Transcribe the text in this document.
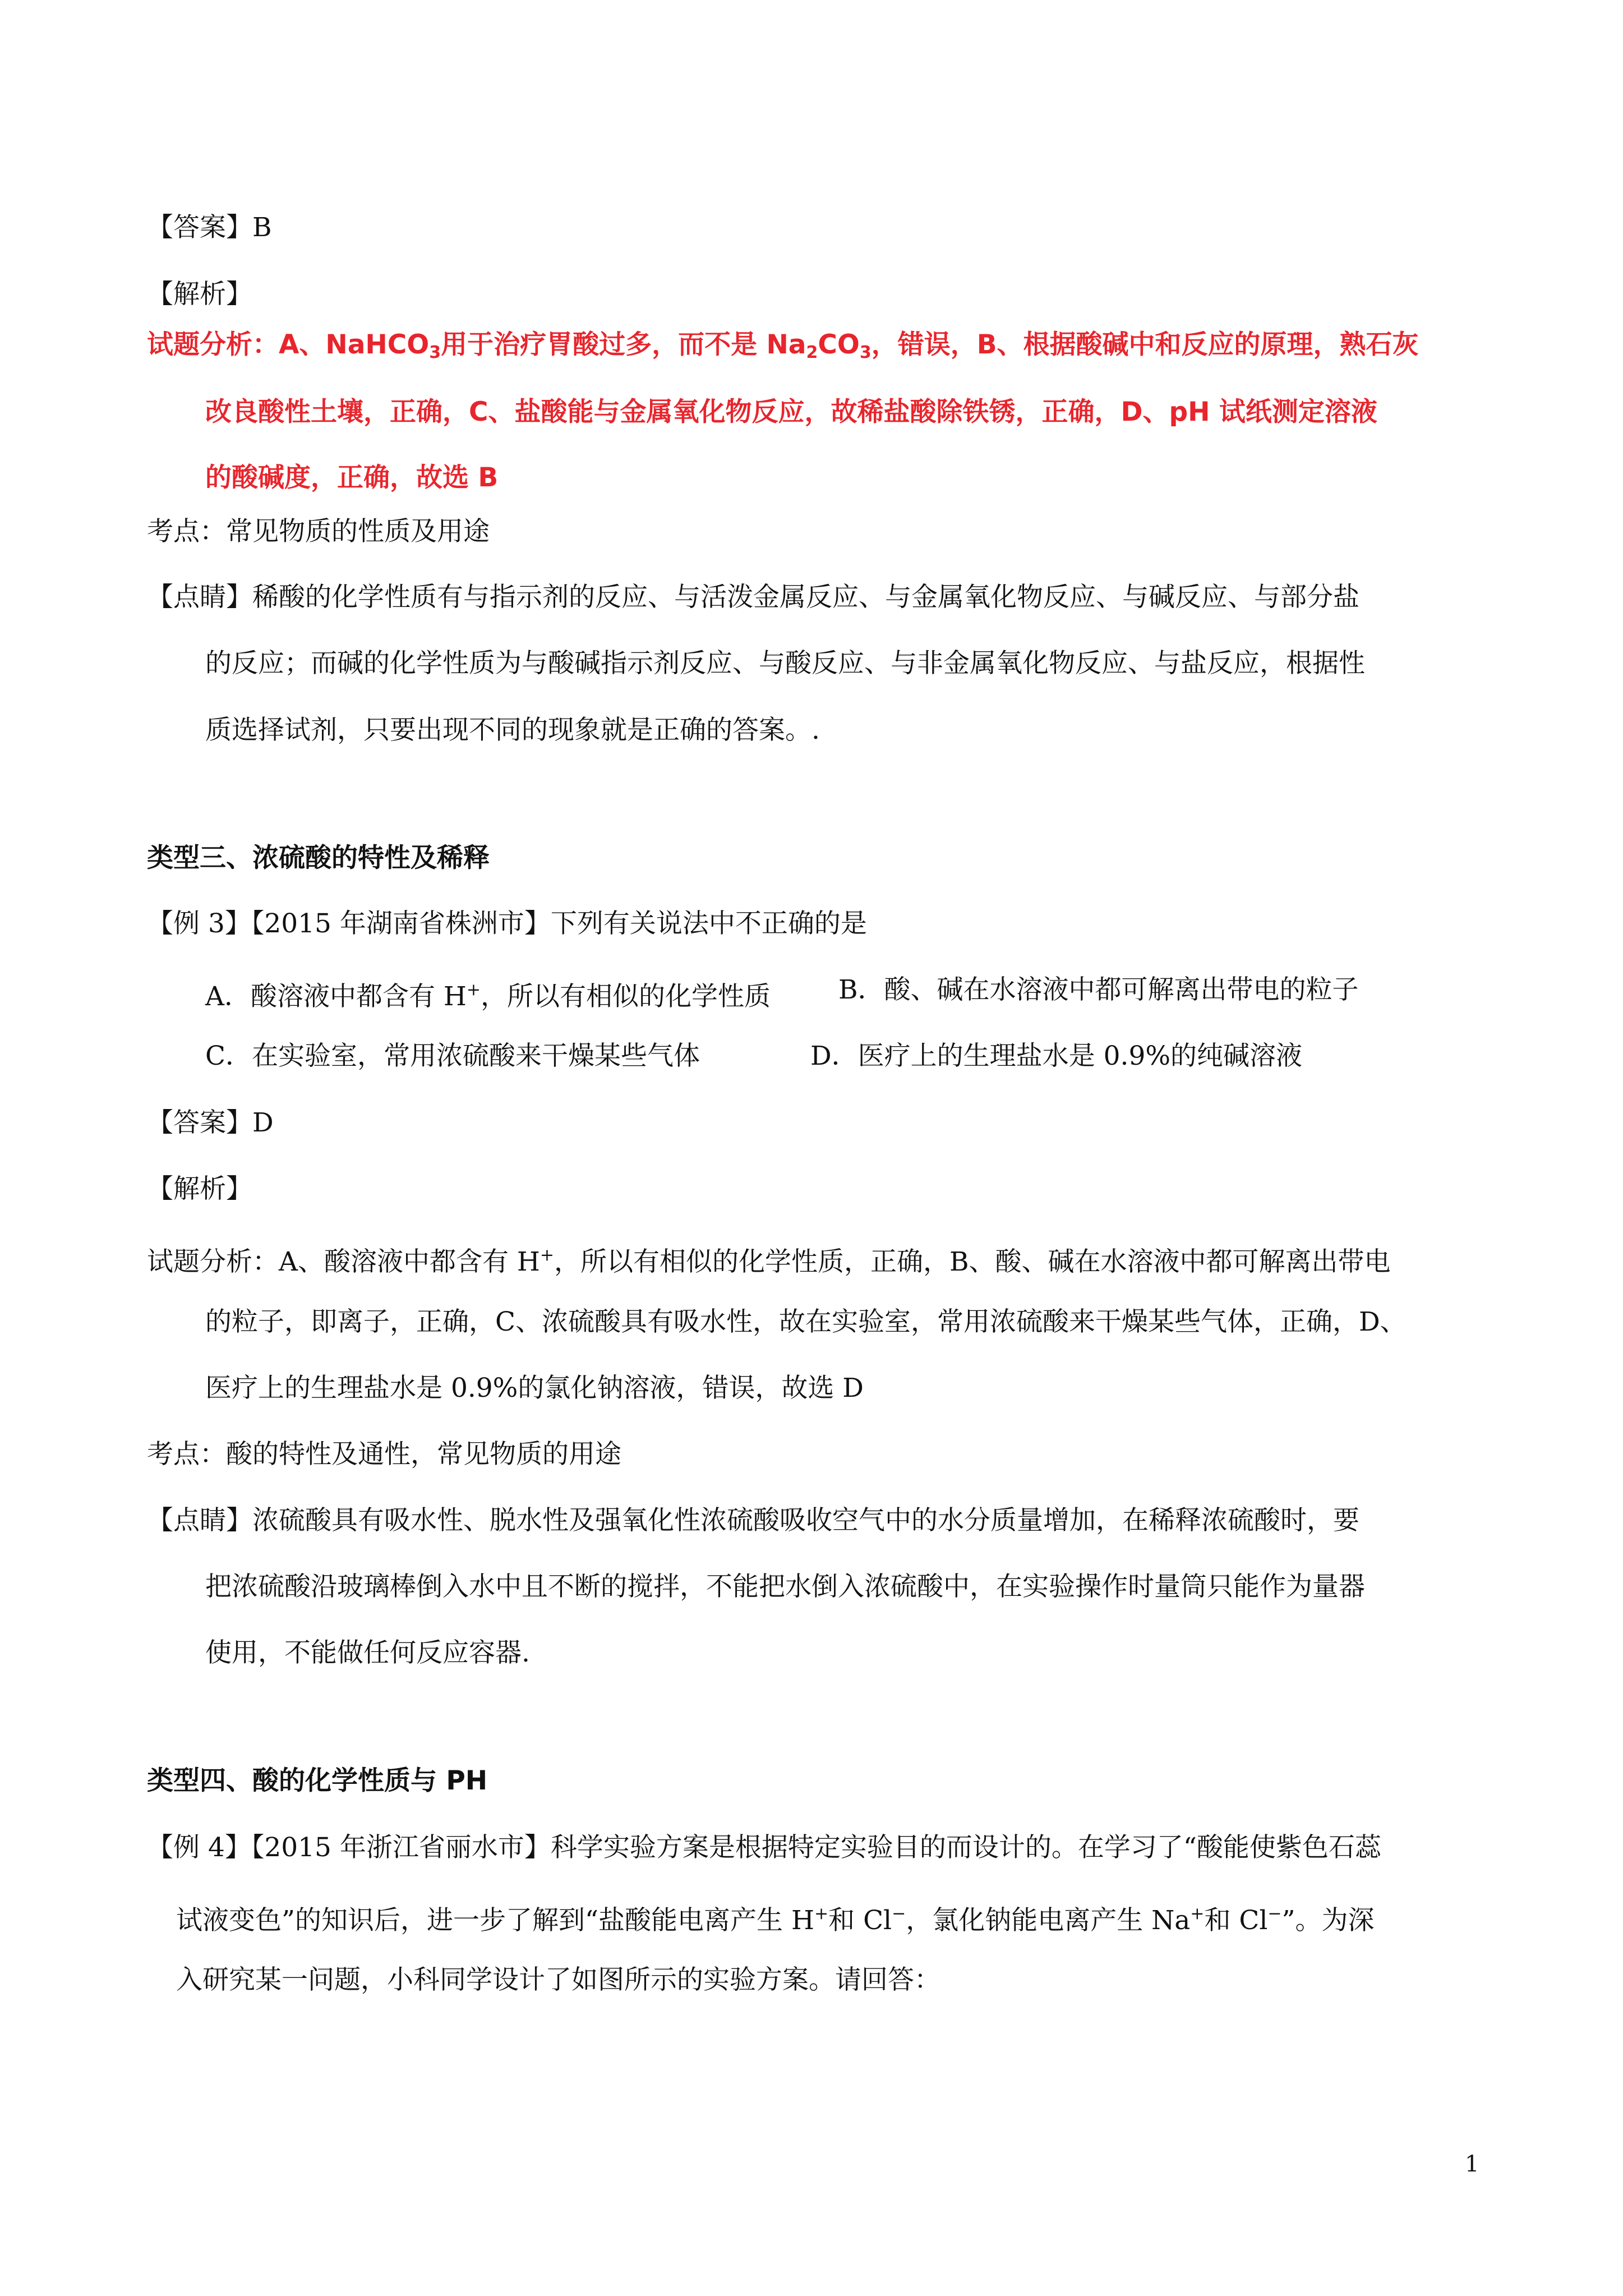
【答案】B
【解析】
试题分析：A、NaHCO$_3$用于治疗胃酸过多，而不是 $Na_2CO_3$，错误，B、根据酸碱中和反应的原理，熟石灰
改良酸性土壤，正确，C、盐酸能与金属氧化物反应，故稀盐酸除铁锈，正确，D、pH 试纸测定溶液
的酸碱度，正确，故选 B
考点：常见物质的性质及用途
【点睛】稀酸的化学性质有与指示剂的反应、与活泼金属反应、与金属氧化物反应、与碱反应、与部分盐
的反应；而碱的化学性质为与酸碱指示剂反应、与酸反应、与非金属氧化物反应、与盐反应，根据性
质选择试剂，只要出现不同的现象就是正确的答案。.
类型三、浓硫酸的特性及稀释
【例 3】【2015 年湖南省株洲市】下列有关说法中不正确的是
A．酸溶液中都含有 H+，所以有相似的化学性质	B．酸、碱在水溶液中都可解离出带电的粒子
C．在实验室，常用浓硫酸来干燥某些气体	D．医疗上的生理盐水是 0.9%的纯碱溶液
【答案】D
【解析】
试题分析：A、酸溶液中都含有 H+，所以有相似的化学性质，正确，B、酸、碱在水溶液中都可解离出带电
的粒子，即离子，正确，C、浓硫酸具有吸水性，故在实验室，常用浓硫酸来干燥某些气体，正确，D、
医疗上的生理盐水是 0.9%的氯化钠溶液，错误，故选 D
考点：酸的特性及通性，常见物质的用途
【点睛】浓硫酸具有吸水性、脱水性及强氧化性浓硫酸吸收空气中的水分质量增加，在稀释浓硫酸时，要
把浓硫酸沿玻璃棒倒入水中且不断的搅拌，不能把水倒入浓硫酸中，在实验操作时量筒只能作为量器
使用，不能做任何反应容器.
类型四、酸的化学性质与 PH
【例 4】【2015 年浙江省丽水市】科学实验方案是根据特定实验目的而设计的。在学习了“酸能使紫色石蕊
试液变色”的知识后，进一步了解到“盐酸能电离产生 H+和 Cl−，氯化钠能电离产生 Na+和 Cl−”。为深
入研究某一问题，小科同学设计了如图所示的实验方案。请回答：
1
